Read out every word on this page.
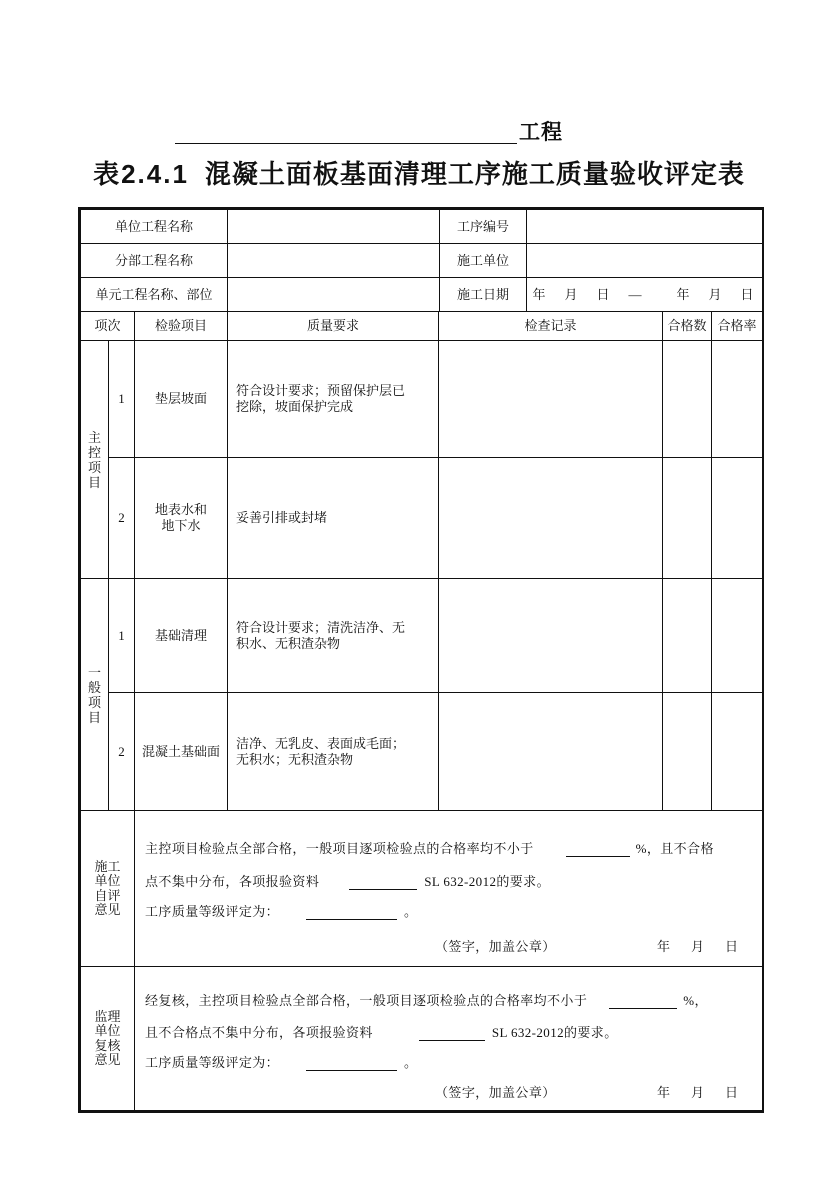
工程
表2.4.1 混凝土面板基面清理工序施工质量验收评定表
单位工程名称		工序编号	
分部工程名称		施工单位	
单元工程名称、部位		施工日期	年　月　日　—　　年　月　日
项次		检验项目	质量要求	检查记录	合格数	合格率

主控项目	1	垫层坡面	符合设计要求；预留保护层已
挖除，坡面保护完成			

	2	地表水和
地下水	妥善引排或封堵			

一般项目	1	基础清理	符合设计要求；清洗洁净、无
积水、无积渣杂物			

	2	混凝土基础面	洁净、无乳皮、表面成毛面；
无积水；无积渣杂物			

施工单位自评意见		主控项目检验点全部合格，一般项目逐项检验点的合格率均不小于 %，且不合格
点不集中分布，各项报验资料 SL 632-2012的要求。
工序质量等级评定为： 。
（签字，加盖公章） 年　月　日				

监理单位复核意见		经复核，主控项目检验点全部合格，一般项目逐项检验点的合格率均不小于 %，
且不合格点不集中分布，各项报验资料 SL 632-2012的要求。
工序质量等级评定为： 。
（签字，加盖公章） 年　月　日				
